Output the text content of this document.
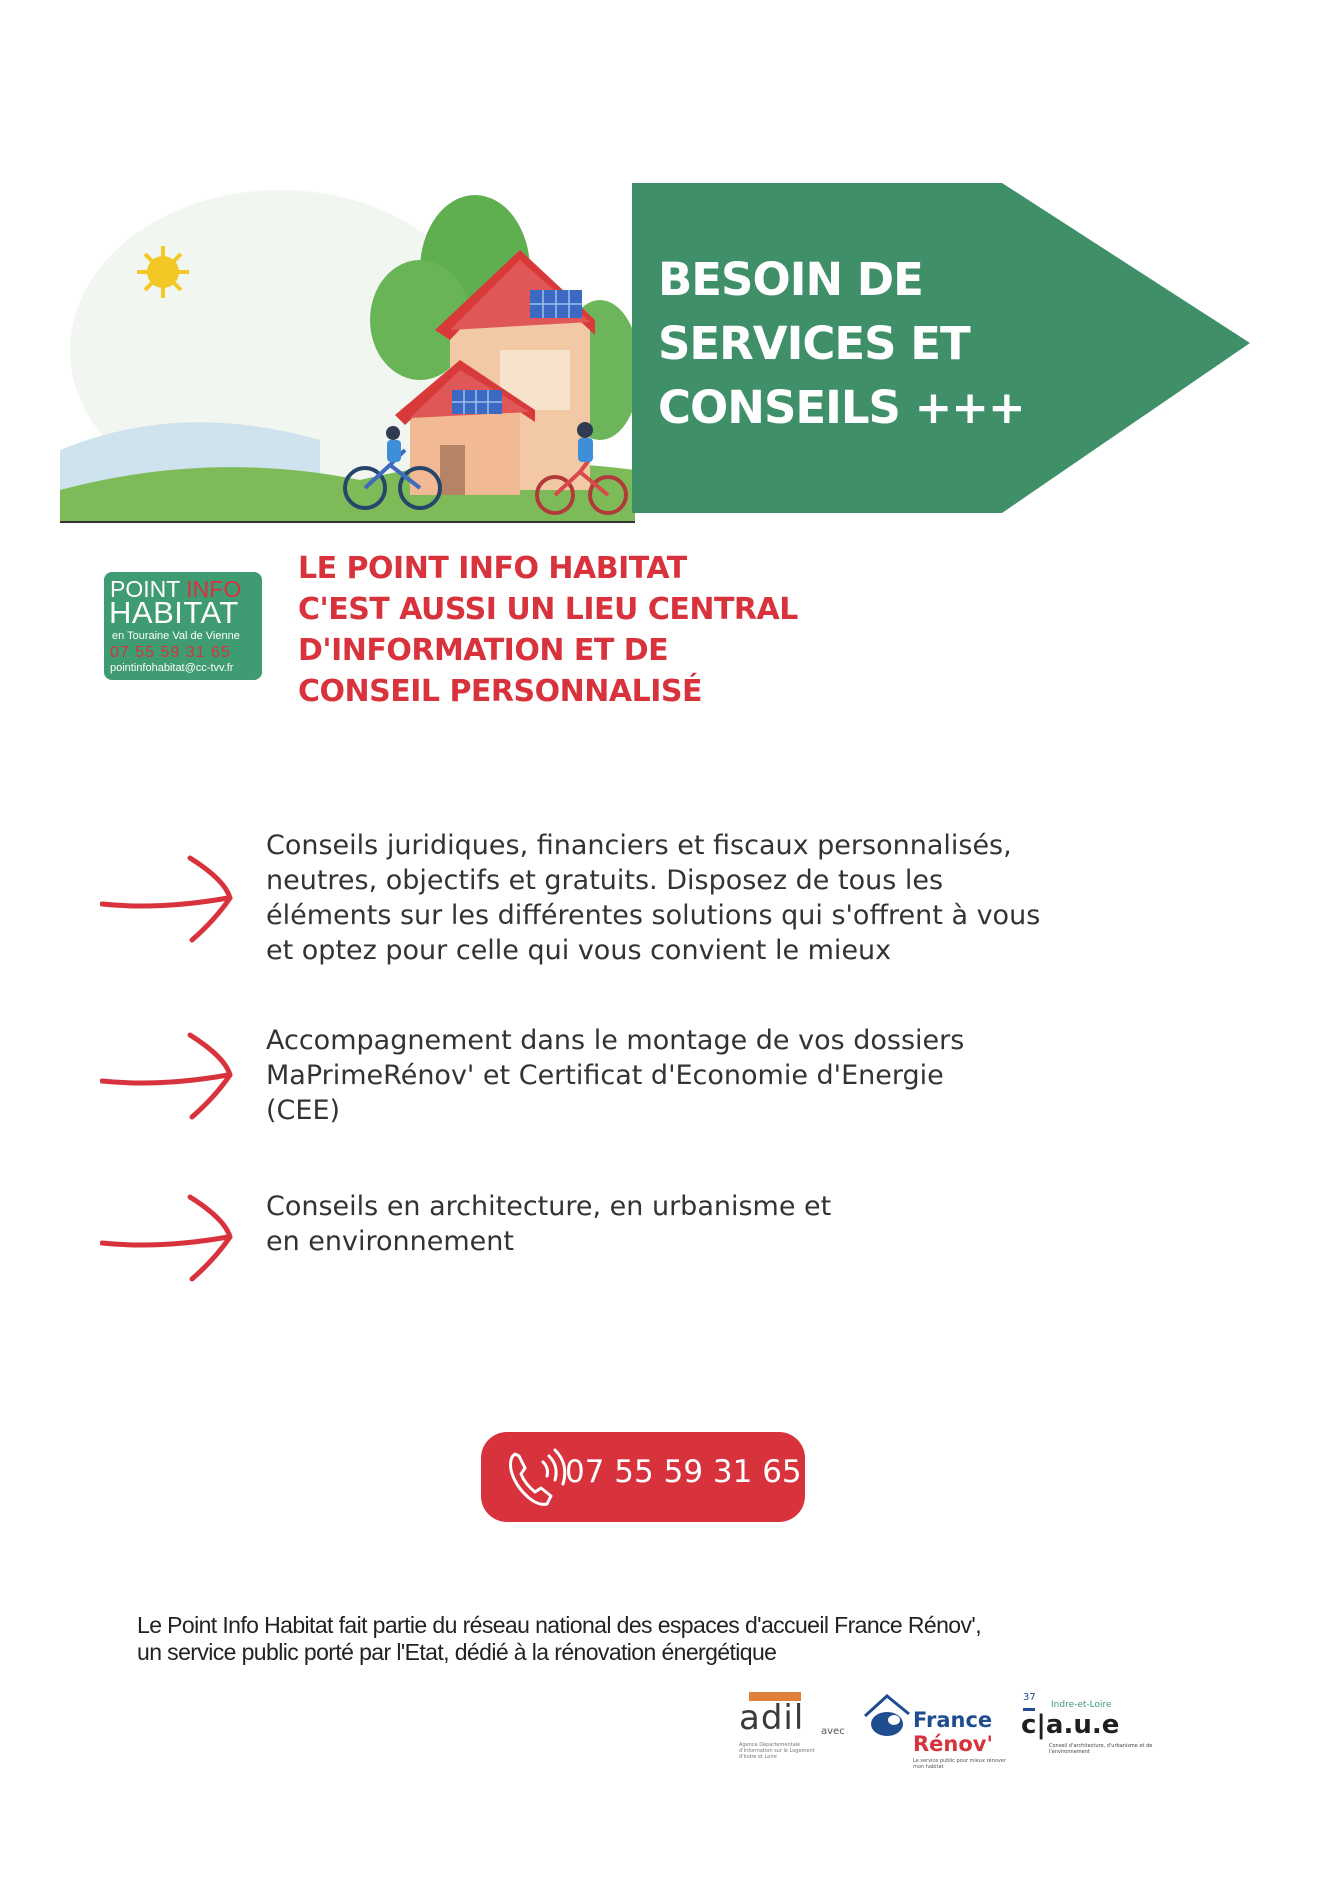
BESOIN DE
SERVICES ET
CONSEILS +++
POINT INFO
HABITAT
en Touraine Val de Vienne
07 55 59 31 65
pointinfohabitat@cc-tvv.fr
LE POINT INFO HABITAT
C'EST AUSSI UN LIEU CENTRAL
D'INFORMATION ET DE
CONSEIL PERSONNALISÉ
Conseils juridiques, financiers et fiscaux personnalisés,
neutres, objectifs et gratuits. Disposez de tous les
éléments sur les différentes solutions qui s'offrent à vous
et optez pour celle qui vous convient le mieux
Accompagnement dans le montage de vos dossiers
MaPrimeRénov' et Certificat d'Economie d'Energie
(CEE)
Conseils en architecture, en urbanisme et
en environnement
07 55 59 31 65
Le Point Info Habitat fait partie du réseau national des espaces d'accueil France Rénov',
un service public porté par l'Etat, dédié à la rénovation énergétique
adil
Agence Départementale d'Information sur le Logement d'Indre et Loire
avec	France
Rénov'
Le service public pour mieux rénover mon habitat
37
Indre-et-Loire
c|a.u.e
Conseil d'architecture, d'urbanisme et de l'environnement
